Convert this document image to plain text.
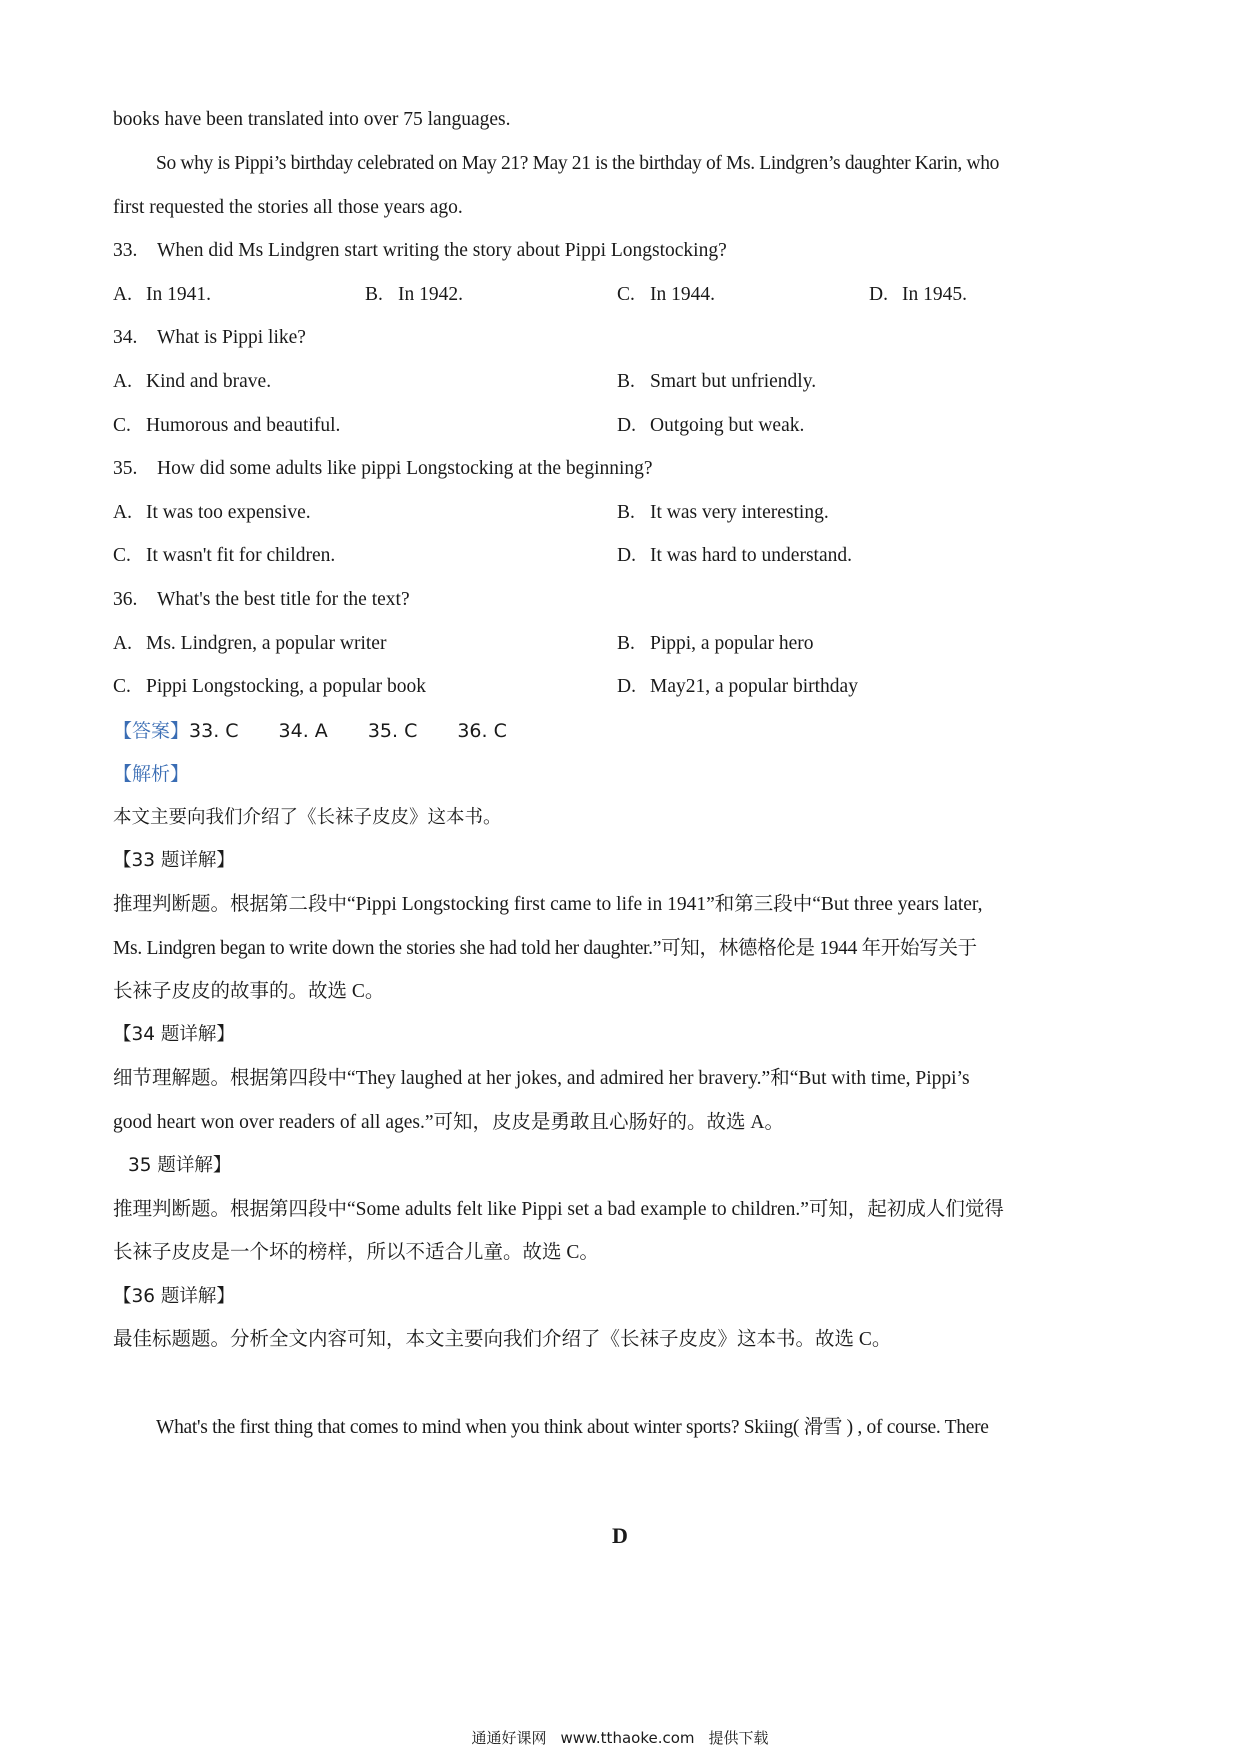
books have been translated into over 75 languages.
So why is Pippi’s birthday celebrated on May 21? May 21 is the birthday of Ms. Lindgren’s daughter Karin, who
first requested the stories all those years ago.
33. When did Ms Lindgren start writing the story about Pippi Longstocking?
A. In 1941.	B. In 1942.	C. In 1944.	D. In 1945.
34. What is Pippi like?
A. Kind and brave.	B. Smart but unfriendly.
C. Humorous and beautiful.	D. Outgoing but weak.
35. How did some adults like pippi Longstocking at the beginning?
A. It was too expensive.	B. It was very interesting.
C. It wasn't fit for children.	D. It was hard to understand.
36. What's the best title for the text?
A. Ms. Lindgren, a popular writer	B. Pippi, a popular hero
C. Pippi Longstocking, a popular book	D. May21, a popular birthday
【答案】33. C 34. A 35. C 36. C
【解析】
本文主要向我们介绍了《长袜子皮皮》这本书。
【33 题详解】
推理判断题。根据第二段中“Pippi Longstocking first came to life in 1941”和第三段中“But three years later,
Ms. Lindgren began to write down the stories she had told her daughter.”可知，林德格伦是 1944 年开始写关于
长袜子皮皮的故事的。故选 C。
【34 题详解】
细节理解题。根据第四段中“They laughed at her jokes, and admired her bravery.”和“But with time, Pippi’s
good heart won over readers of all ages.”可知，皮皮是勇敢且心肠好的。故选 A。
35 题详解】
推理判断题。根据第四段中“Some adults felt like Pippi set a bad example to children.”可知，起初成人们觉得
长袜子皮皮是一个坏的榜样，所以不适合儿童。故选 C。
【36 题详解】
最佳标题题。分析全文内容可知，本文主要向我们介绍了《长袜子皮皮》这本书。故选 C。
D
What's the first thing that comes to mind when you think about winter sports? Skiing( 滑雪 ) , of course. There
通通好课网 www.tthaoke.com 提供下载
